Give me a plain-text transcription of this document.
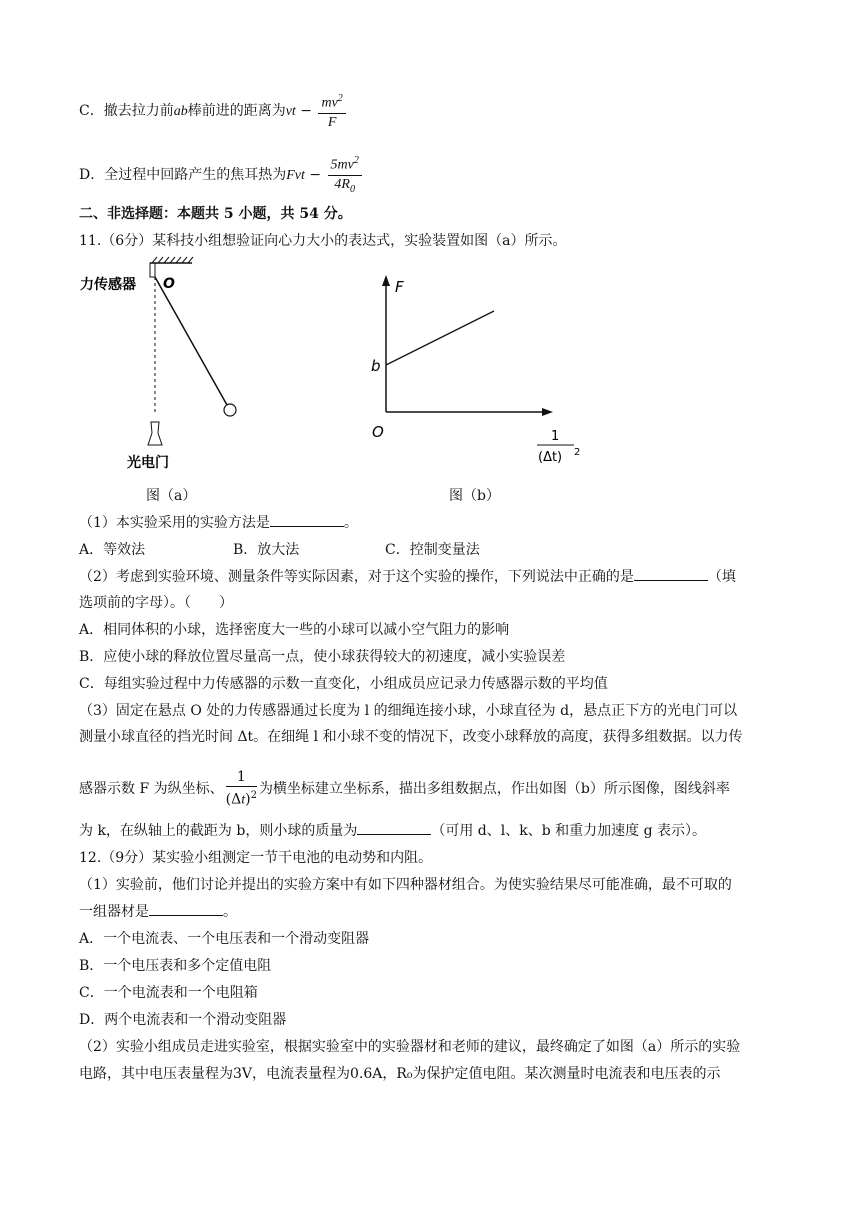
C．撤去拉力前ab棒前进的距离为vt − $\frac{mv^2}{F}$
D．全过程中回路产生的焦耳热为Fvt − $\frac{5mv^2}{4R_0}$
二、非选择题：本题共 5 小题，共 54 分。
11.（6分）某科技小组想验证向心力大小的表达式，实验装置如图（a）所示。
力传感器 O
光电门
图（a）
F
b
O	1
(Δt) 2
图（b）
（1）本实验采用的实验方法是	。
A．等效法	B．放大法	C．控制变量法
（2）考虑到实验环境、测量条件等实际因素，对于这个实验的操作，下列说法中正确的是	（填
选项前的字母）。（　　）
A．相同体积的小球，选择密度大一些的小球可以减小空气阻力的影响
B．应使小球的释放位置尽量高一点，使小球获得较大的初速度，减小实验误差
C．每组实验过程中力传感器的示数一直变化，小组成员应记录力传感器示数的平均值
（3）固定在悬点 O 处的力传感器通过长度为 l 的细绳连接小球，小球直径为 d，悬点正下方的光电门可以
测量小球直径的挡光时间 Δt。在细绳 l 和小球不变的情况下，改变小球释放的高度，获得多组数据。以力传
感器示数 F 为纵坐标、 $\frac{1}{(\Delta t)^2}$ 为横坐标建立坐标系，描出多组数据点，作出如图（b）所示图像，图线斜率
为 k，在纵轴上的截距为 b，则小球的质量为	（可用 d、l、k、b 和重力加速度 g 表示）。
12.（9分）某实验小组测定一节干电池的电动势和内阻。
（1）实验前，他们讨论并提出的实验方案中有如下四种器材组合。为使实验结果尽可能准确，最不可取的
一组器材是	。
A．一个电流表、一个电压表和一个滑动变阻器
B．一个电压表和多个定值电阻
C．一个电流表和一个电阻箱
D．两个电流表和一个滑动变阻器
（2）实验小组成员走进实验室，根据实验室中的实验器材和老师的建议，最终确定了如图（a）所示的实验
电路，其中电压表量程为3V，电流表量程为0.6A，R₀为保护定值电阻。某次测量时电流表和电压表的示
